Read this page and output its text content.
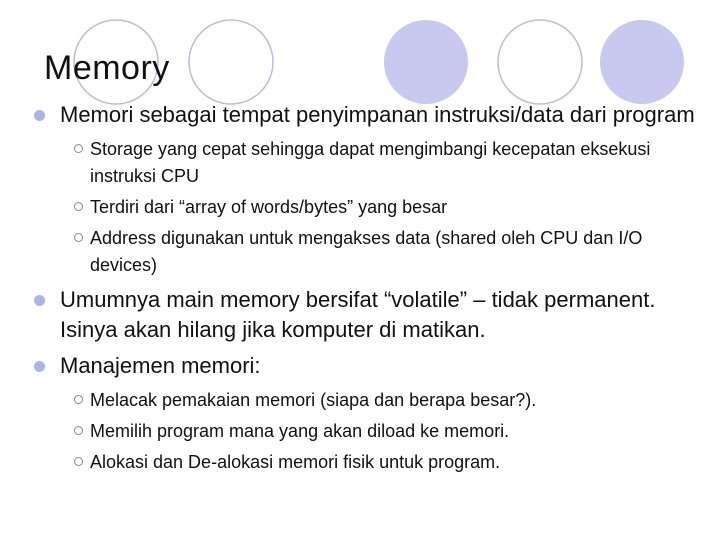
Memory
Memori sebagai tempat penyimpanan instruksi/data dari program
Storage yang cepat sehingga dapat mengimbangi kecepatan eksekusi instruksi CPU
Terdiri dari “array of words/bytes” yang besar
Address digunakan untuk mengakses data (shared oleh CPU dan I/O devices)
Umumnya main memory bersifat “volatile” – tidak permanent. Isinya akan hilang jika komputer di matikan.
Manajemen memori:
Melacak pemakaian memori (siapa dan berapa besar?).
Memilih program mana yang akan diload ke memori.
Alokasi dan De-alokasi memori fisik untuk program.
